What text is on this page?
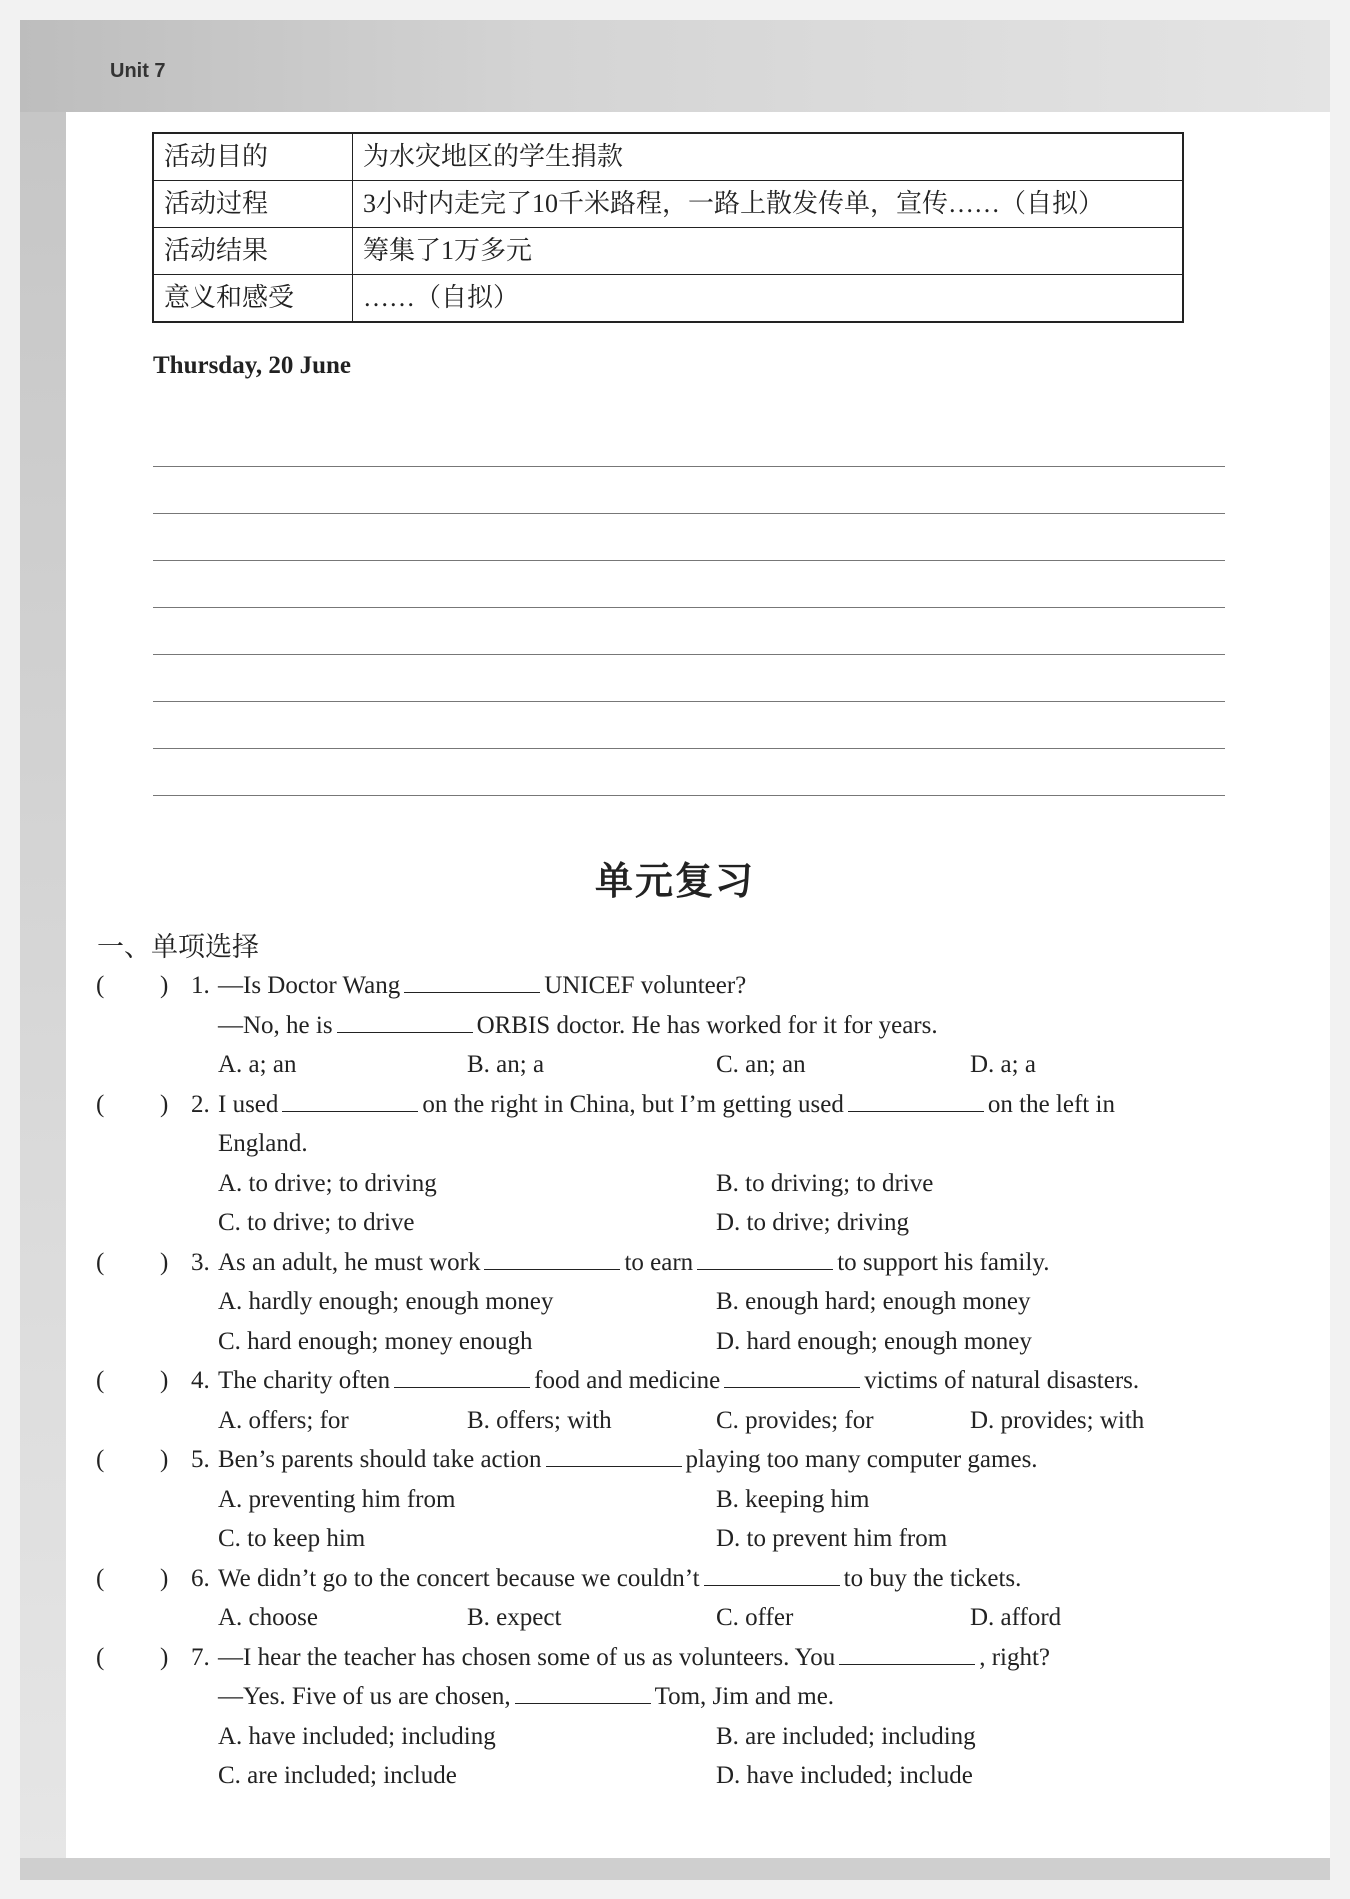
Unit 7
活动目的	为水灾地区的学生捐款
活动过程	3小时内走完了10千米路程，一路上散发传单，宣传……（自拟）
活动结果	筹集了1万多元
意义和感受	……（自拟）
Thursday, 20 June
单元复习
一、单项选择
( ) 1. —Is Doctor Wang	UNICEF volunteer?
—No, he is	ORBIS doctor. He has worked for it for years.
A. a; an	B. an; a	C. an; an	D. a; a
( ) 2. I used	on the right in China, but I’m getting used	on the left in
England.
A. to drive; to driving	B. to driving; to drive
C. to drive; to drive	D. to drive; driving
( ) 3. As an adult, he must work	to earn	to support his family.
A. hardly enough; enough money	B. enough hard; enough money
C. hard enough; money enough	D. hard enough; enough money
( ) 4. The charity often	food and medicine	victims of natural disasters.
A. offers; for	B. offers; with	C. provides; for	D. provides; with
( ) 5. Ben’s parents should take action	playing too many computer games.
A. preventing him from	B. keeping him
C. to keep him	D. to prevent him from
( ) 6. We didn’t go to the concert because we couldn’t	to buy the tickets.
A. choose	B. expect	C. offer	D. afford
( ) 7. —I hear the teacher has chosen some of us as volunteers. You	, right?
—Yes. Five of us are chosen,	Tom, Jim and me.
A. have included; including	B. are included; including
C. are included; include	D. have included; include
